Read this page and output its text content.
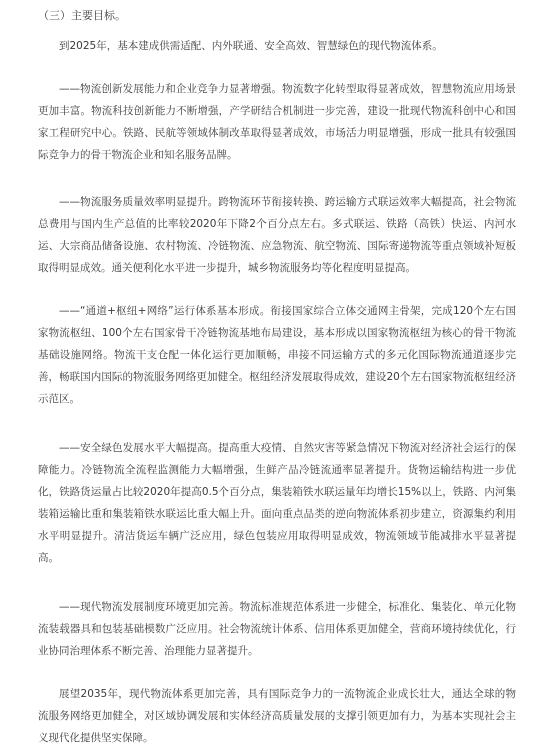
（三）主要目标。

到2025年，基本建成供需适配、内外联通、安全高效、智慧绿色的现代物流体系。

——物流创新发展能力和企业竞争力显著增强。物流数字化转型取得显著成效，智慧物流应用场景更加丰富。物流科技创新能力不断增强，产学研结合机制进一步完善，建设一批现代物流科创中心和国家工程研究中心。铁路、民航等领域体制改革取得显著成效，市场活力明显增强，形成一批具有较强国际竞争力的骨干物流企业和知名服务品牌。

——物流服务质量效率明显提升。跨物流环节衔接转换、跨运输方式联运效率大幅提高，社会物流总费用与国内生产总值的比率较2020年下降2个百分点左右。多式联运、铁路（高铁）快运、内河水运、大宗商品储备设施、农村物流、冷链物流、应急物流、航空物流、国际寄递物流等重点领域补短板取得明显成效。通关便利化水平进一步提升，城乡物流服务均等化程度明显提高。

——“通道+枢纽+网络”运行体系基本形成。衔接国家综合立体交通网主骨架，完成120个左右国家物流枢纽、100个左右国家骨干冷链物流基地布局建设，基本形成以国家物流枢纽为核心的骨干物流基础设施网络。物流干支仓配一体化运行更加顺畅，串接不同运输方式的多元化国际物流通道逐步完善，畅联国内国际的物流服务网络更加健全。枢纽经济发展取得成效，建设20个左右国家物流枢纽经济示范区。

——安全绿色发展水平大幅提高。提高重大疫情、自然灾害等紧急情况下物流对经济社会运行的保障能力。冷链物流全流程监测能力大幅增强，生鲜产品冷链流通率显著提升。货物运输结构进一步优化，铁路货运量占比较2020年提高0.5个百分点，集装箱铁水联运量年均增长15%以上，铁路、内河集装箱运输比重和集装箱铁水联运比重大幅上升。面向重点品类的逆向物流体系初步建立，资源集约利用水平明显提升。清洁货运车辆广泛应用，绿色包装应用取得明显成效，物流领域节能减排水平显著提高。

——现代物流发展制度环境更加完善。物流标准规范体系进一步健全，标准化、集装化、单元化物流装载器具和包装基础模数广泛应用。社会物流统计体系、信用体系更加健全，营商环境持续优化，行业协同治理体系不断完善、治理能力显著提升。

展望2035年，现代物流体系更加完善，具有国际竞争力的一流物流企业成长壮大，通达全球的物流服务网络更加健全，对区域协调发展和实体经济高质量发展的支撑引领更加有力，为基本实现社会主义现代化提供坚实保障。
